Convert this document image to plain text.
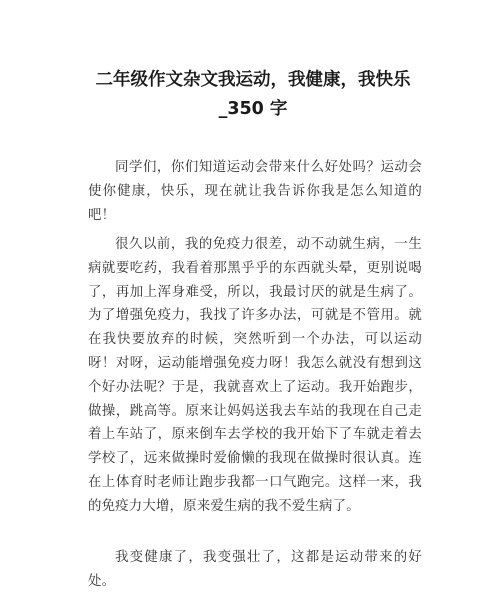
二年级作文杂文我运动，我健康，我快乐_350 字

同学们，你们知道运动会带来什么好处吗？运动会使你健康，快乐，现在就让我告诉你我是怎么知道的吧！

很久以前，我的免疫力很差，动不动就生病，一生病就要吃药，我看着那黑乎乎的东西就头晕，更别说喝了，再加上浑身难受，所以，我最讨厌的就是生病了。为了增强免疫力，我找了许多办法，可就是不管用。就在我快要放弃的时候，突然听到一个办法，可以运动呀！对呀，运动能增强免疫力呀！我怎么就没有想到这个好办法呢？于是，我就喜欢上了运动。我开始跑步，做操，跳高等。原来让妈妈送我去车站的我现在自己走着上车站了，原来倒车去学校的我开始下了车就走着去学校了，远来做操时爱偷懒的我现在做操时很认真。连在上体育时老师让跑步我都一口气跑完。这样一来，我的免疫力大增，原来爱生病的我不爱生病了。

我变健康了，我变强壮了，这都是运动带来的好处。
